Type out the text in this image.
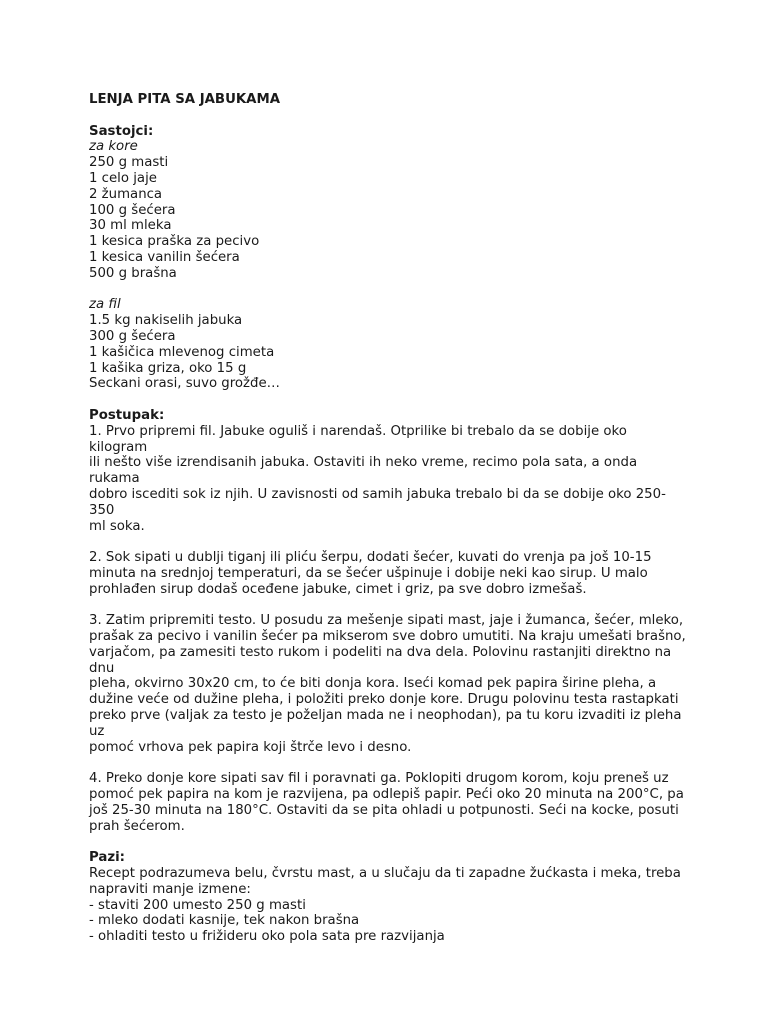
LENJA PITA SA JABUKAMA

Sastojci:

za kore

250 g masti

1 celo jaje

2 žumanca

100 g šećera

30 ml mleka

1 kesica praška za pecivo

1 kesica vanilin šećera

500 g brašna

za fil

1.5 kg nakiselih jabuka

300 g šećera

1 kašičica mlevenog cimeta

1 kašika griza, oko 15 g

Seckani orasi, suvo grožđe…

Postupak:

1. Prvo pripremi fil. Jabuke oguliš i narendaš. Otprilike bi trebalo da se dobije oko kilogram
ili nešto više izrendisanih jabuka. Ostaviti ih neko vreme, recimo pola sata, a onda rukama
dobro iscediti sok iz njih. U zavisnosti od samih jabuka trebalo bi da se dobije oko 250-350
ml soka.

2. Sok sipati u dublji tiganj ili pliću šerpu, dodati šećer, kuvati do vrenja pa još 10-15
minuta na srednjoj temperaturi, da se šećer ušpinuje i dobije neki kao sirup. U malo
prohlađen sirup dodaš oceđene jabuke, cimet i griz, pa sve dobro izmešaš.

3. Zatim pripremiti testo. U posudu za mešenje sipati mast, jaje i žumanca, šećer, mleko,
prašak za pecivo i vanilin šećer pa mikserom sve dobro umutiti. Na kraju umešati brašno,
varjačom, pa zamesiti testo rukom i podeliti na dva dela. Polovinu rastanjiti direktno na dnu
pleha, okvirno 30x20 cm, to će biti donja kora. Iseći komad pek papira širine pleha, a
dužine veće od dužine pleha, i položiti preko donje kore. Drugu polovinu testa rastapkati
preko prve (valjak za testo je poželjan mada ne i neophodan), pa tu koru izvaditi iz pleha uz
pomoć vrhova pek papira koji štrče levo i desno.

4. Preko donje kore sipati sav fil i poravnati ga. Poklopiti drugom korom, koju preneš uz
pomoć pek papira na kom je razvijena, pa odlepiš papir. Peći oko 20 minuta na 200°C, pa
još 25-30 minuta na 180°C. Ostaviti da se pita ohladi u potpunosti. Seći na kocke, posuti
prah šećerom.

Pazi:

Recept podrazumeva belu, čvrstu mast, a u slučaju da ti zapadne žućkasta i meka, treba
napraviti manje izmene:

- staviti 200 umesto 250 g masti

- mleko dodati kasnije, tek nakon brašna

- ohladiti testo u frižideru oko pola sata pre razvijanja
